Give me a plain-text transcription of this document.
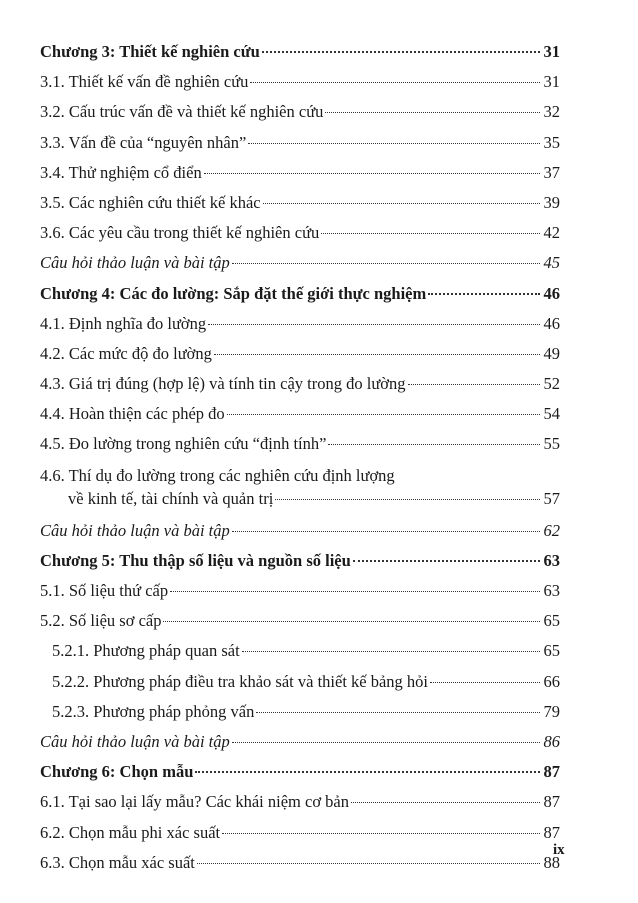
Chương 3: Thiết kế nghiên cứu	31
3.1. Thiết kế vấn đề nghiên cứu	31
3.2. Cấu trúc vấn đề và thiết kế nghiên cứu	32
3.3. Vấn đề của “nguyên nhân”	35
3.4. Thử nghiệm cổ điển	37
3.5. Các nghiên cứu thiết kế khác	39
3.6. Các yêu cầu trong thiết kế nghiên cứu	42
Câu hỏi thảo luận và bài tập	45
Chương 4: Các đo lường: Sắp đặt thế giới thực nghiệm	46
4.1. Định nghĩa đo lường	46
4.2. Các mức độ đo lường	49
4.3. Giá trị đúng (hợp lệ) và tính tin cậy trong đo lường	52
4.4. Hoàn thiện các phép đo	54
4.5. Đo lường trong nghiên cứu “định tính”	55
4.6. Thí dụ đo lường trong các nghiên cứu định lượng
về kinh tế, tài chính và quản trị	57
Câu hỏi thảo luận và bài tập	62
Chương 5: Thu thập số liệu và nguồn số liệu	63
5.1. Số liệu thứ cấp	63
5.2. Số liệu sơ cấp	65
5.2.1. Phương pháp quan sát	65
5.2.2. Phương pháp điều tra khảo sát và thiết kế bảng hỏi	66
5.2.3. Phương pháp phỏng vấn	79
Câu hỏi thảo luận và bài tập	86
Chương 6: Chọn mẫu	87
6.1. Tại sao lại lấy mẫu? Các khái niệm cơ bản	87
6.2. Chọn mẫu phi xác suất	87
6.3. Chọn mẫu xác suất	88
ix
